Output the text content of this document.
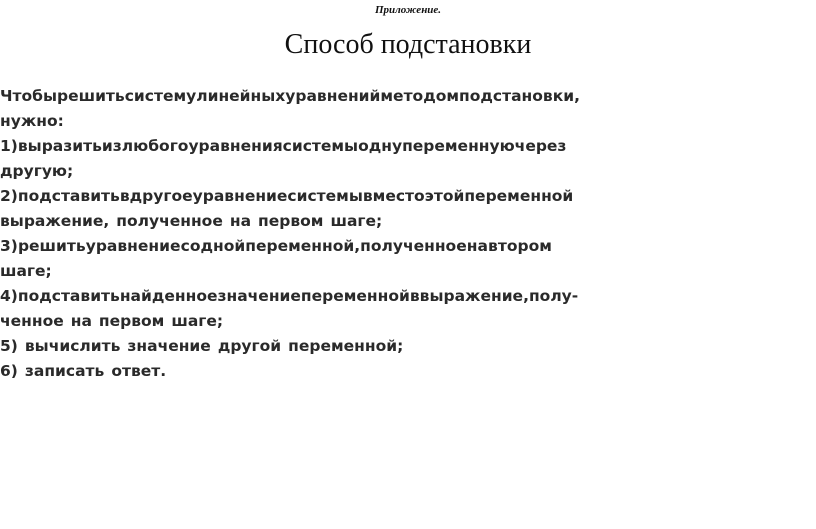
Приложение.
Способ подстановки
Чтобы решить систему линейных уравнений методом подстановки,
нужно:
1) выразить из любого уравнения системы одну переменную через
другую;
2) подставить в другое уравнение системы вместо этой переменной
выражение, полученное на первом шаге;
3) решить уравнение с одной переменной, полученное на втором
шаге;
4) подставить найденное значение переменной в выражение, полу-
ченное на первом шаге;
5) вычислить значение другой переменной;
6) записать ответ.
